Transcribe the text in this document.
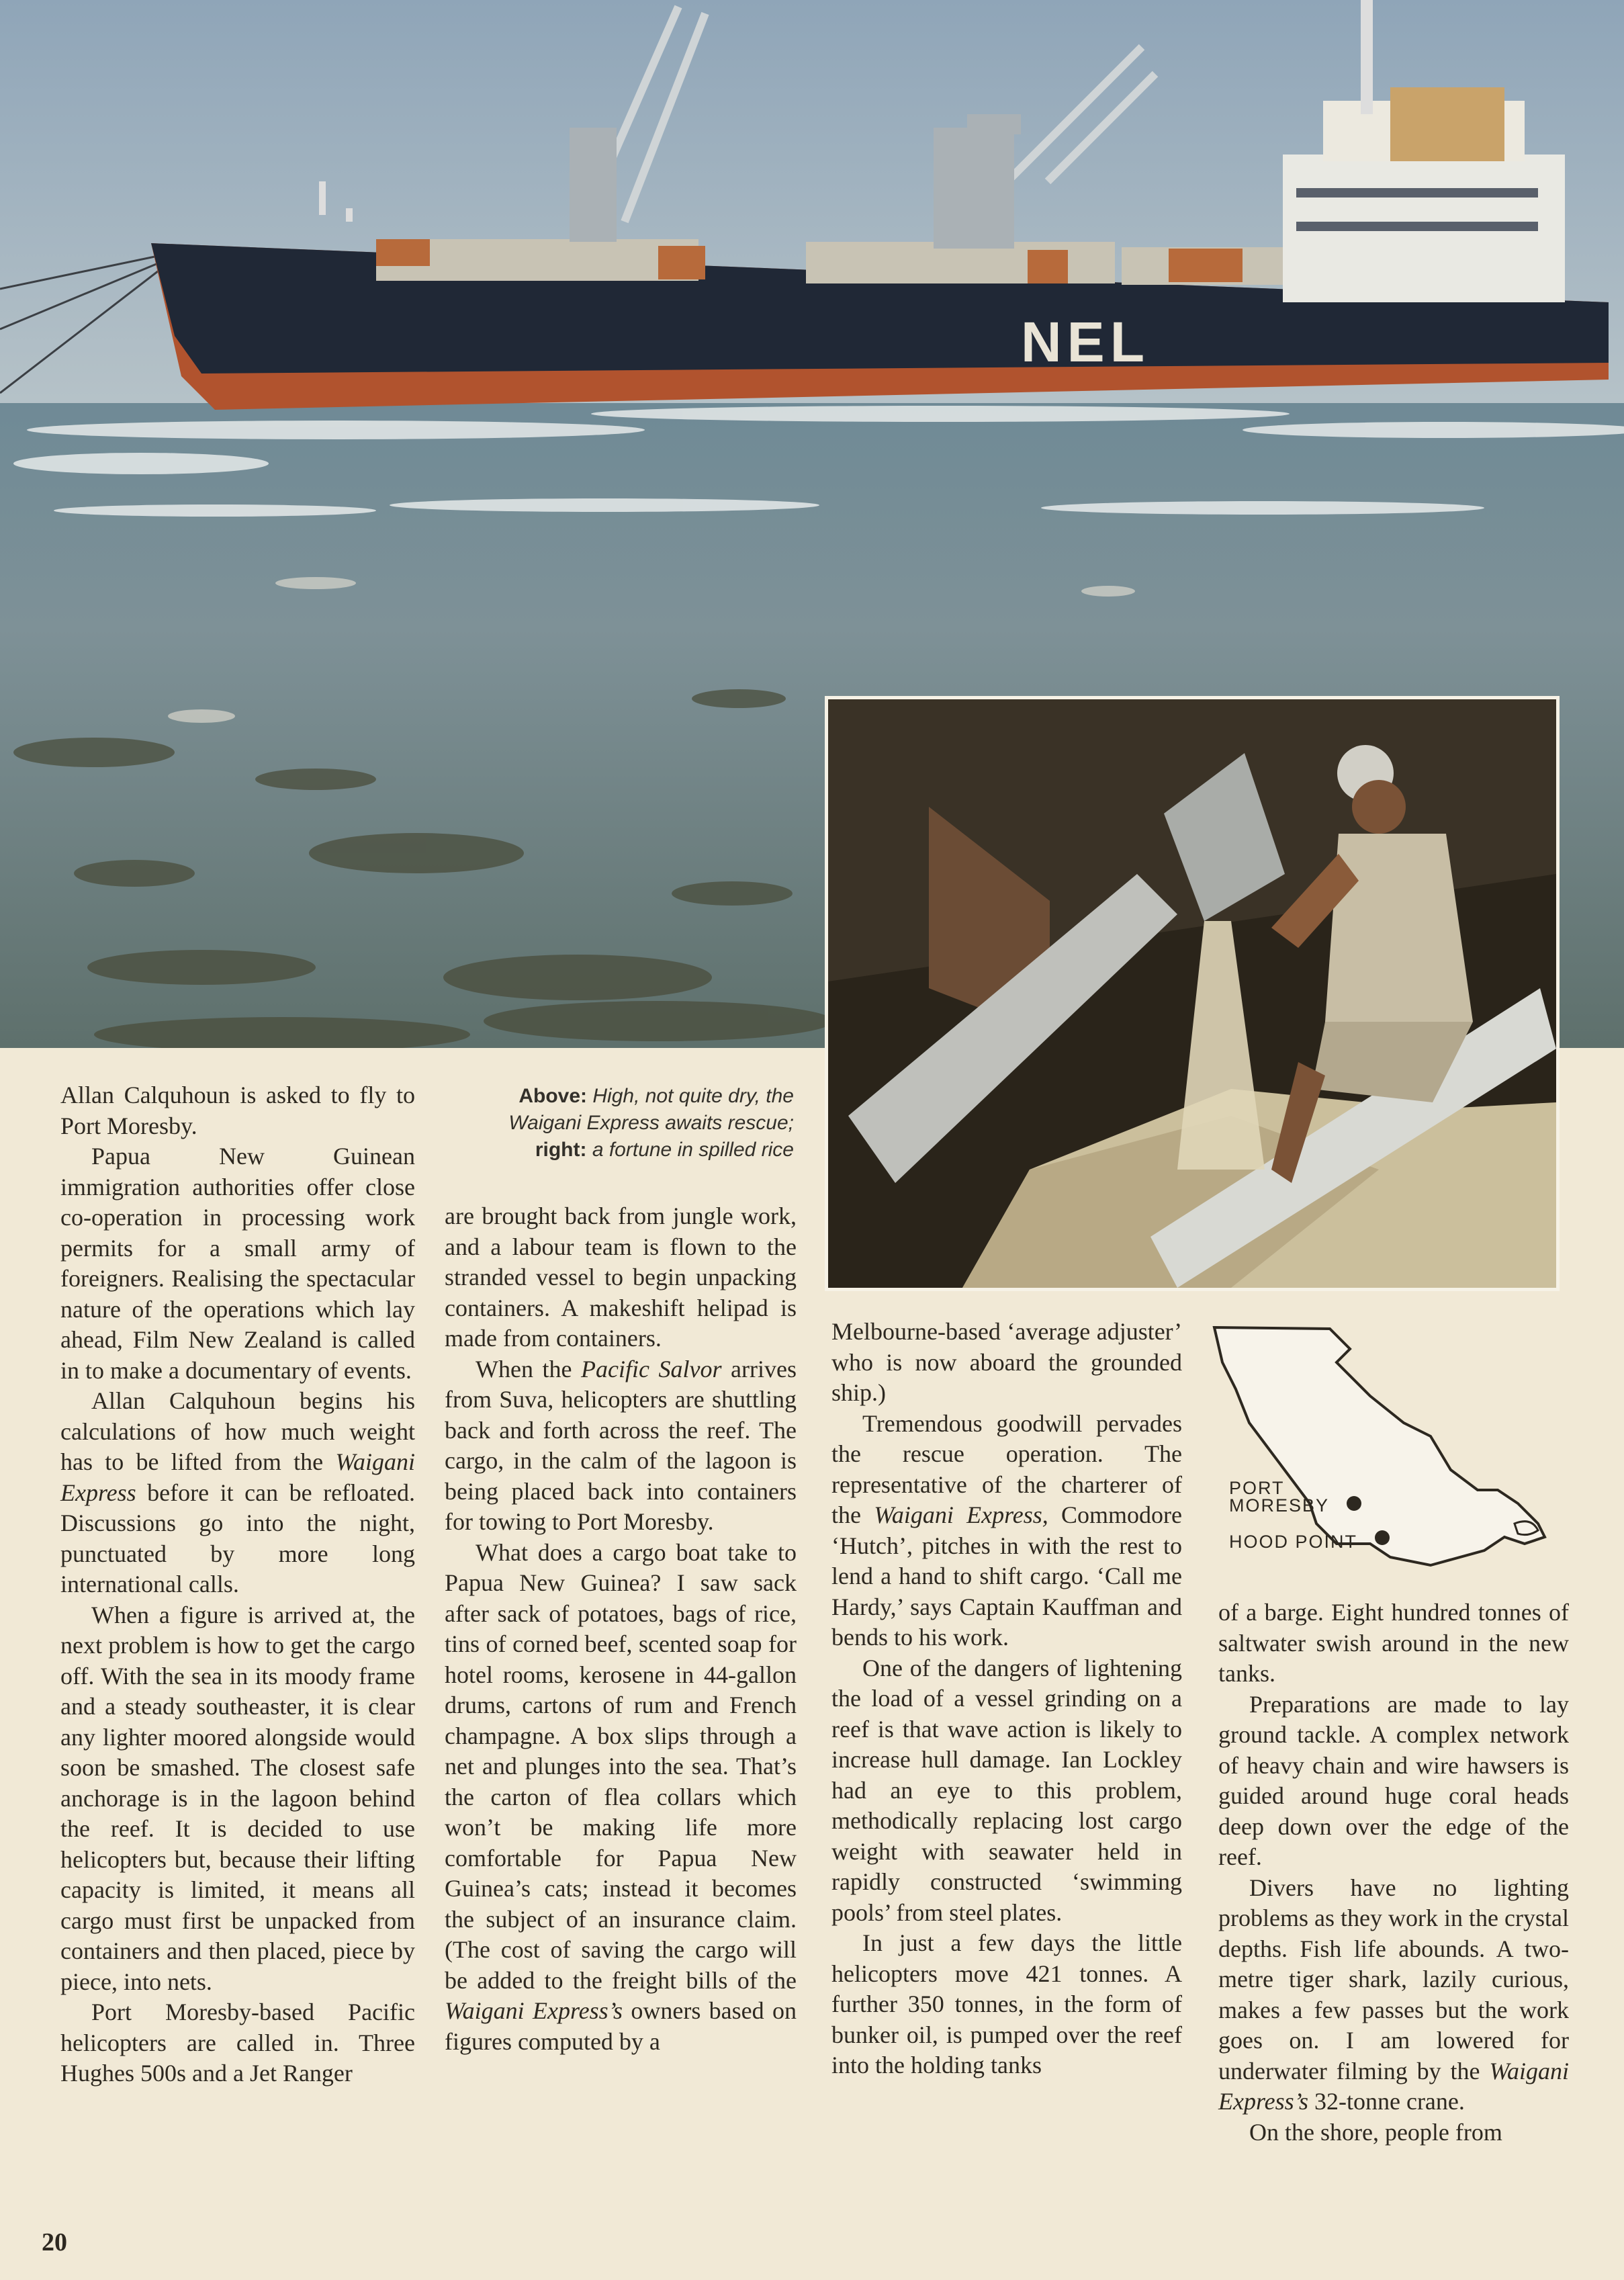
NEL
Above: High, not quite dry, the
Waigani Express awaits rescue;
right: a fortune in spilled rice

Allan Calquhoun is asked to fly to Port Moresby.

Papua New Guinean immigration authorities offer close co-operation in processing work permits for a small army of foreigners. Realising the spectacular nature of the operations which lay ahead, Film New Zealand is called in to make a documentary of events.

Allan Calquhoun begins his calculations of how much weight has to be lifted from the Waigani Express before it can be refloated. Discussions go into the night, punctuated by more long international calls.

When a figure is arrived at, the next problem is how to get the cargo off. With the sea in its moody frame and a steady southeaster, it is clear any lighter moored alongside would soon be smashed. The closest safe anchorage is in the lagoon behind the reef. It is decided to use helicopters but, because their lifting capacity is limited, it means all cargo must first be unpacked from containers and then placed, piece by piece, into nets.

Port Moresby-based Pacific helicopters are called in. Three Hughes 500s and a Jet Ranger

are brought back from jungle work, and a labour team is flown to the stranded vessel to begin unpacking containers. A makeshift helipad is made from containers.

When the Pacific Salvor arrives from Suva, helicopters are shuttling back and forth across the reef. The cargo, in the calm of the lagoon is being placed back into containers for towing to Port Moresby.

What does a cargo boat take to Papua New Guinea? I saw sack after sack of potatoes, bags of rice, tins of corned beef, scented soap for hotel rooms, kerosene in 44-gallon drums, cartons of rum and French champagne. A box slips through a net and plunges into the sea. That’s the carton of flea collars which won’t be making life more comfortable for Papua New Guinea’s cats; instead it becomes the subject of an insurance claim. (The cost of saving the cargo will be added to the freight bills of the Waigani Express’s owners based on figures computed by a

Melbourne-based ‘average adjuster’ who is now aboard the grounded ship.)

Tremendous goodwill pervades the rescue operation. The representative of the charterer of the Waigani Express, Commodore ‘Hutch’, pitches in with the rest to lend a hand to shift cargo. ‘Call me Hardy,’ says Captain Kauffman and bends to his work.

One of the dangers of lightening the load of a vessel grinding on a reef is that wave action is likely to increase hull damage. Ian Lockley had an eye to this problem, methodically replacing lost cargo weight with seawater held in rapidly constructed ‘swimming pools’ from steel plates.

In just a few days the little helicopters move 421 tonnes. A further 350 tonnes, in the form of bunker oil, is pumped over the reef into the holding tanks

PORT
MORESBY
HOOD POINT

of a barge. Eight hundred tonnes of saltwater swish around in the new tanks.

Preparations are made to lay ground tackle. A complex network of heavy chain and wire hawsers is guided around huge coral heads deep down over the edge of the reef.

Divers have no lighting problems as they work in the crystal depths. Fish life abounds. A two-metre tiger shark, lazily curious, makes a few passes but the work goes on. I am lowered for underwater filming by the Waigani Express’s 32-tonne crane.

On the shore, people from

20
